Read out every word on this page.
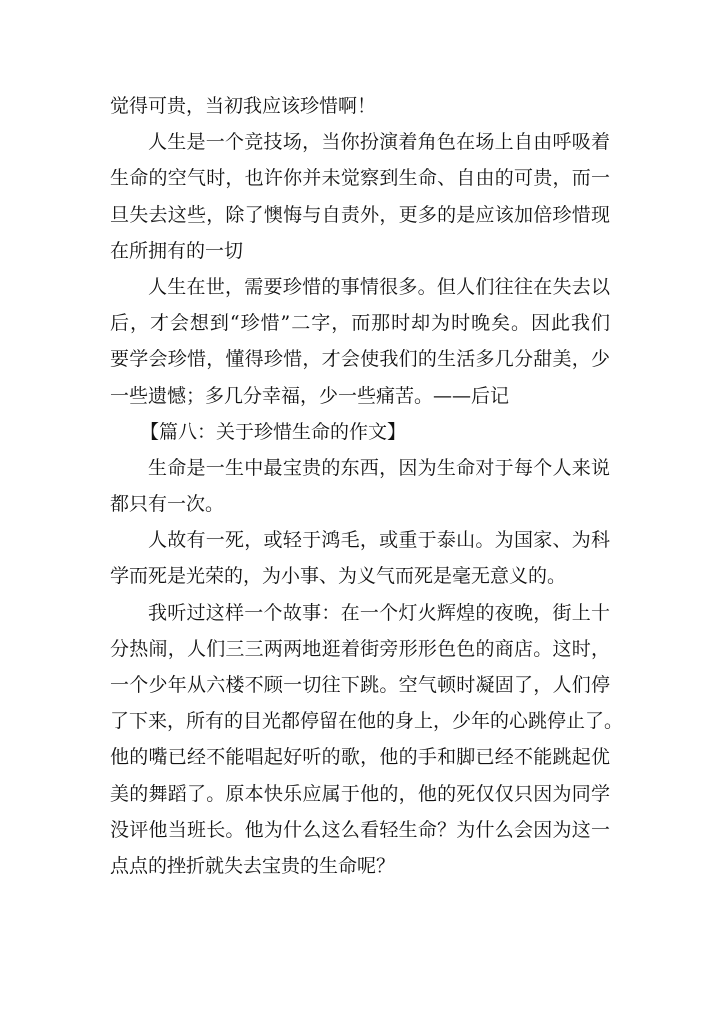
觉得可贵，当初我应该珍惜啊！
人生是一个竞技场，当你扮演着角色在场上自由呼吸着
生命的空气时，也许你并未觉察到生命、自由的可贵，而一
旦失去这些，除了懊悔与自责外，更多的是应该加倍珍惜现
在所拥有的一切
人生在世，需要珍惜的事情很多。但人们往往在失去以
后，才会想到“珍惜”二字，而那时却为时晚矣。因此我们
要学会珍惜，懂得珍惜，才会使我们的生活多几分甜美，少
一些遗憾；多几分幸福，少一些痛苦。——后记
【篇八：关于珍惜生命的作文】
生命是一生中最宝贵的东西，因为生命对于每个人来说
都只有一次。
人故有一死，或轻于鸿毛，或重于泰山。为国家、为科
学而死是光荣的，为小事、为义气而死是毫无意义的。
我听过这样一个故事：在一个灯火辉煌的夜晚，街上十
分热闹，人们三三两两地逛着街旁形形色色的商店。这时，
一个少年从六楼不顾一切往下跳。空气顿时凝固了，人们停
了下来，所有的目光都停留在他的身上，少年的心跳停止了。
他的嘴已经不能唱起好听的歌，他的手和脚已经不能跳起优
美的舞蹈了。原本快乐应属于他的，他的死仅仅只因为同学
没评他当班长。他为什么这么看轻生命？为什么会因为这一
点点的挫折就失去宝贵的生命呢？
